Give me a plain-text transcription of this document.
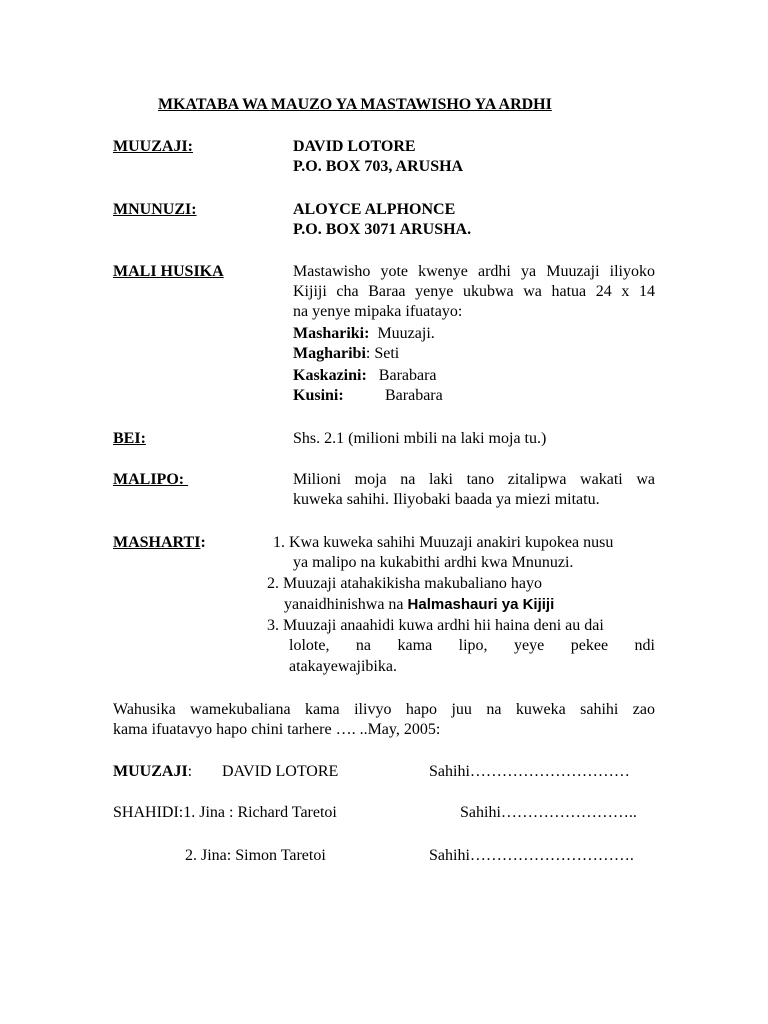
MKATABA WA MAUZO YA MASTAWISHO YA ARDHI
MUUZAJI:	DAVID LOTORE
P.O. BOX 703, ARUSHA
MNUNUZI:	ALOYCE ALPHONCE
P.O. BOX 3071 ARUSHA.
MALI HUSIKA	Mastawisho yote kwenye ardhi ya Muuzaji iliyoko
Kijiji cha Baraa yenye ukubwa wa hatua 24 x 14
na yenye mipaka ifuatayo:
Mashariki: Muuzaji.
Magharibi: Seti
Kaskazini: Barabara
Kusini:	Barabara
BEI:	Shs. 2.1 (milioni mbili na laki moja tu.)
MALIPO:	Milioni moja na laki tano zitalipwa wakati wa
kuweka sahihi. Iliyobaki baada ya miezi mitatu.
MASHARTI:	1. Kwa kuweka sahihi Muuzaji anakiri kupokea nusu
ya malipo na kukabithi ardhi kwa Mnunuzi.
2. Muuzaji atahakikisha makubaliano hayo
yanaidhinishwa na Halmashauri ya Kijiji
3. Muuzaji anaahidi kuwa ardhi hii haina deni au dai
lolote, na kama lipo, yeye pekee ndi
atakayewajibika.
Wahusika wamekubaliana kama ilivyo hapo juu na kuweka sahihi zao
kama ifuatavyo hapo chini tarhere …. ..May, 2005:
MUUZAJI: DAVID LOTORE	Sahihi…………………………
SHAHIDI:1. Jina : Richard Taretoi	Sahihi……………………..
2. Jina: Simon Taretoi	Sahihi………………………….
